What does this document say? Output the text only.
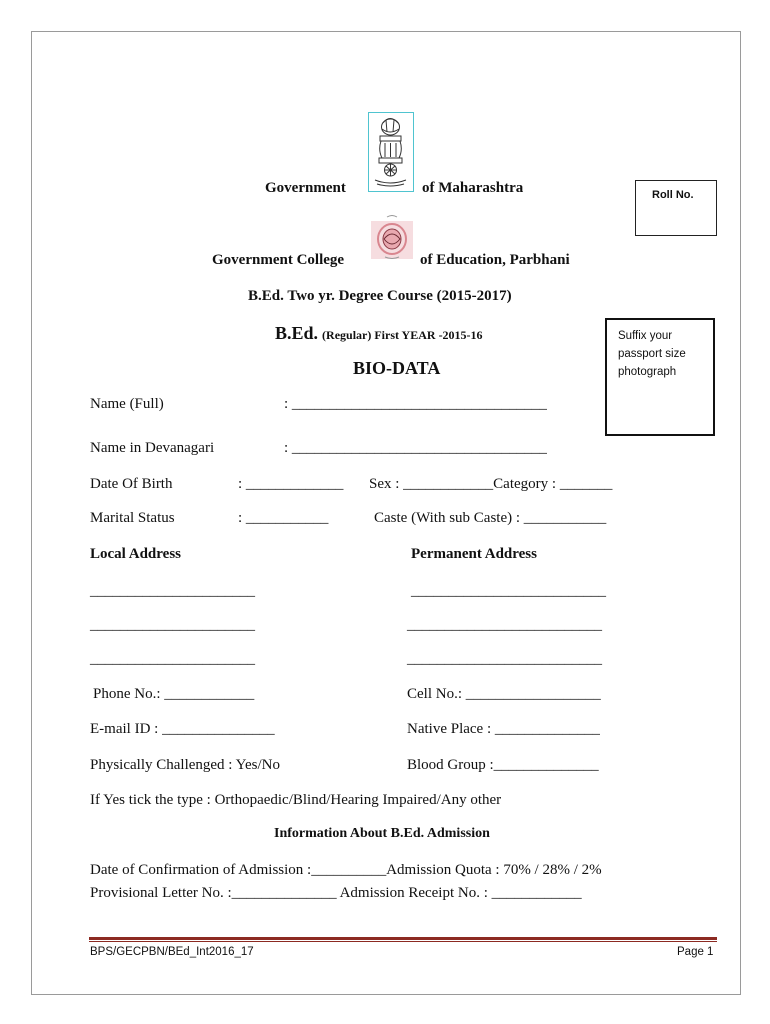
Government	of Maharashtra	Roll No.
Government College	of Education, Parbhani
B.Ed. Two yr. Degree Course (2015-2017)
B.Ed. (Regular) First YEAR -2015-16
BIO-DATA
Suffix your
passport size
photograph
Name (Full)	: __________________________________
Name in Devanagari	: __________________________________
Date Of Birth	: _____________ Sex : ____________Category : _______
Marital Status	: ___________	Caste (With sub Caste) : ___________
Local Address	Permanent Address
______________________	__________________________
______________________	__________________________
______________________	__________________________
Phone No.: ____________	Cell No.: __________________
E-mail ID : _______________	Native Place : ______________
Physically Challenged : Yes/No	Blood Group :______________
If Yes tick the type : Orthopaedic/Blind/Hearing Impaired/Any other
Information About B.Ed. Admission
Date of Confirmation of Admission :__________Admission Quota : 70% / 28% / 2%
Provisional Letter No. :______________ Admission Receipt No. : ____________
BPS/GECPBN/BEd_Int2016_17	Page 1
